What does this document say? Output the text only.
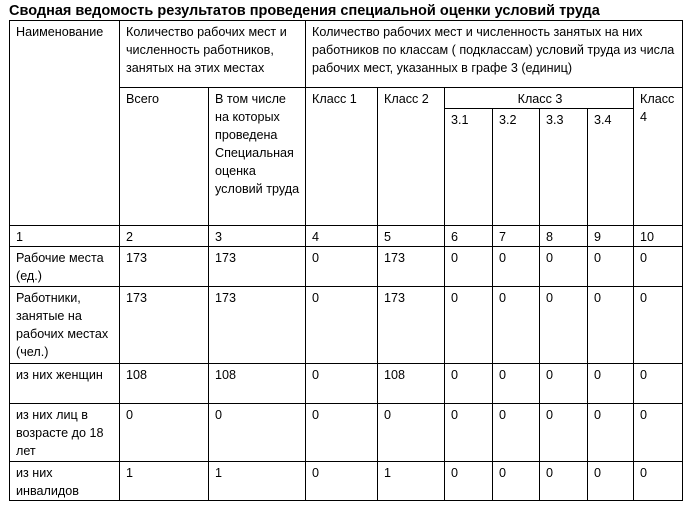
Сводная ведомость результатов проведения специальной оценки условий труда
Наименование	Количество рабочих мест и численность работников, занятых на этих местах		Количество рабочих мест и численность занятых на них работников по классам ( подклассам) условий труда из числа рабочих мест, указанных в графе 3 (единиц)						
	Всего	В том числе на которых проведена Специальная оценка условий труда	Класс 1	Класс 2	Класс 3				Класс 4
					3.1	3.2	3.3	3.4	
1	2	3	4	5	6	7	8	9	10
Рабочие места (ед.)	173	173	0	173	0	0	0	0	0
Работники, занятые на рабочих местах (чел.)	173	173	0	173	0	0	0	0	0
из них женщин	108	108	0	108	0	0	0	0	0
из них лиц в возрасте до 18 лет	0	0	0	0	0	0	0	0	0
из них инвалидов	1	1	0	1	0	0	0	0	0
